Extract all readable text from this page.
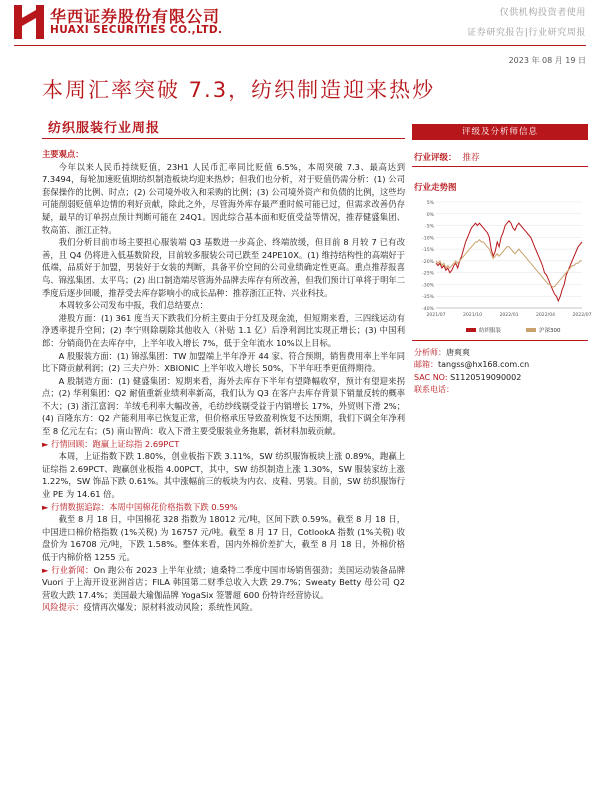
华西证券股份有限公司
HUAXI SECURITIES CO.,LTD.
仅供机构投资者使用
证券研究报告|行业研究周报
2023 年 08 月 19 日
本周汇率突破 7.3，纺织制造迎来热炒
纺织服装行业周报

主要观点：

今年以来人民币持续贬值，23H1 人民币汇率同比贬值 6.5%，本周突破 7.3、最高达到 7.3494，每轮加速贬值期纺织制造板块均迎来热炒；但我们也分析，对于贬值仍需分析：(1) 公司套保操作的比例、时点；(2) 公司境外收入和采购的比例；(3) 公司境外资产和负债的比例，这些均可能削弱贬值单边情的利好贡献，除此之外，尽管海外库存最严重时候可能已过，但需求改善仍存疑，最早的订单拐点预计判断可能在 24Q1。因此综合基本面和贬值受益等情况，推荐健盛集团、牧高笛、浙江正特。

我们分析目前市场主要担心服装端 Q3 基数进一步高企、终端放缓，但目前 8 月较 7 已有改善，且 Q4 仍将进入低基数阶段，目前较多服装公司已跌至 24PE10X。(1) 维持结构性的高端好于低端，品质好于加盟，男装好于女装的判断，具备平价空间的公司业绩确定性更高。重点推荐报喜鸟、锦泓集团、太平鸟；(2) 出口制造端尽管海外品牌去库存有所改善，但我们预计订单将于明年二季度后逐步回暖，推荐受去库存影响小的成长品种：推荐浙江正特、兴业科技。

本周较多公司发布中报，我们总结要点：

港股方面：(1) 361 度当天下跌我们分析主要由于分红及现金流，但短期来看，三四线运动有净透率提升空间；(2) 李宁则除剔除其他收入（补贴 1.1 亿）后净利润比实现正增长；(3) 中国利郎：分销商仍在去库存中，上半年收入增长 7%，低于全年流水 10%以上目标。

A 股服装方面：(1) 锦泓集团：TW 加盟端上半年净开 44 家、符合预期，销售费用率上半年同比下降贡献利润；(2) 三夫户外：XBIONIC 上半年收入增长 50%，下半年旺季更值得期待。

A 股制造方面：(1) 健盛集团：短期来看，海外去库存下半年有望降幅收窄，预计有望迎来拐点；(2) 华利集团：Q2 耐值重新业绩利率新高，我们认为 Q3 在客户去库存背景下销量反转的概率不大；(3) 浙江富润：羊绒毛利率大幅改善，毛纺纱线剔受益于内销增长 17%，外贸则下滑 2%；(4) 百隆东方：Q2 产能利用率已恢复正常，但价格承压导致盈利恢复不达预期，我们下调全年净利至 8 亿元左右；(5) 南山智尚：收入下滑主要受服装业务拖累，新材料加载贡献。

► 行情回顾：跑赢上证综指 2.69PCT

本周，上证指数下跌 1.80%，创业板指下跌 3.11%，SW 纺织服饰板块上涨 0.89%，跑赢上证综指 2.69PCT、跑赢创业板指 4.00PCT，其中，SW 纺织制造上涨 1.30%，SW 服装家纺上涨 1.22%，SW 饰品下跌 0.61%。其中涨幅前三的板块为内衣、皮鞋、男装。目前，SW 纺织服饰行业 PE 为 14.61 倍。

► 行情数据追踪：本周中国棉花价格指数下跌 0.59%

截至 8 月 18 日，中国棉花 328 指数为 18012 元/吨，区间下跌 0.59%。截至 8 月 18 日，中国进口棉价格指数 (1%关税) 为 16757 元/吨。截至 8 月 17 日，CotlookA 指数 (1%关税) 收盘价为 16708 元/吨，下跌 1.58%。整体来看，国内外棉价差扩大，截至 8 月 18 日，外棉价格低于内棉价格 1255 元。

► 行业新闻：On 跑公布 2023 上半年业绩；迪桑特二季度中国市场销售强劲；美国运动装备品牌 Vuori 于上海开设亚洲首店；FILA 韩国第二财季总收入大跌 29.7%；Sweaty Betty 母公司 Q2 营收大跌 17.4%；美国最大瑜伽品牌 YogaSix 签署超 600 份特许经营协议。

风险提示：疫情再次爆发；原材料波动风险；系统性风险。

评级及分析师信息
行业评级： 推荐
行业走势图
5%
0%
-5%
-10%
-15%
-20%
-25%
-30%
-35%
-40%
2021/07	2021/10	2022/01	2022/04	2022/07
纺织服装	沪深300
分析师：唐爽爽
邮箱：tangss@hx168.com.cn
SAC NO: S1120519090002
联系电话：
